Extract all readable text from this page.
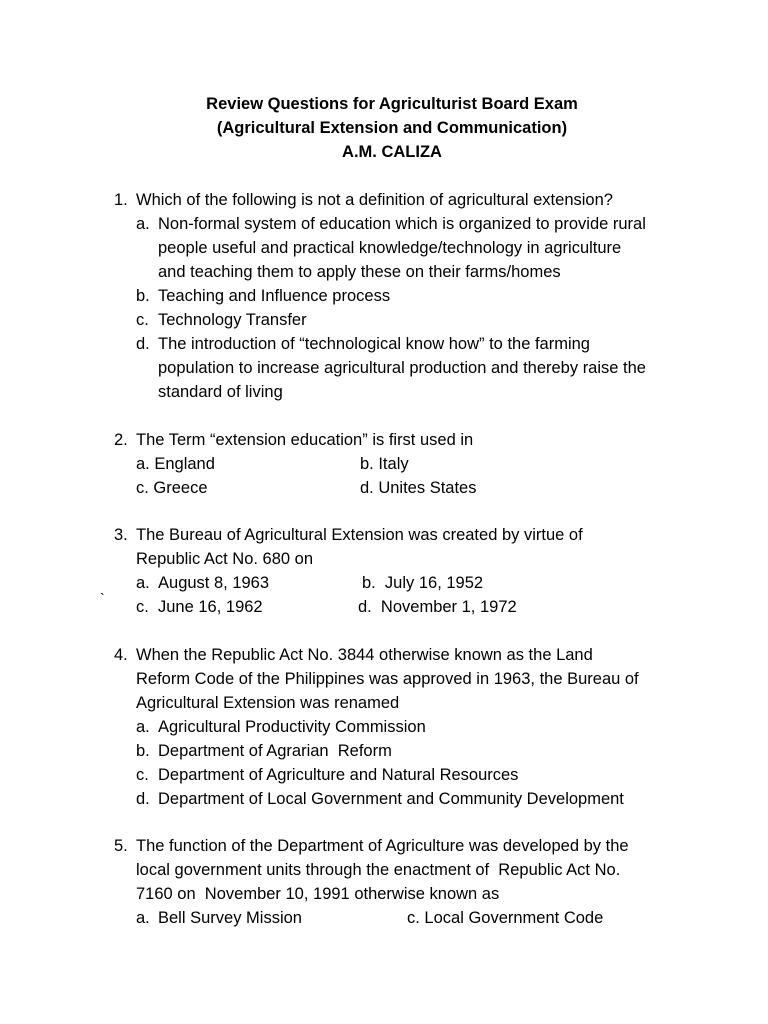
Review Questions for Agriculturist Board Exam
(Agricultural Extension and Communication)
A.M. CALIZA
1. Which of the following is not a definition of agricultural extension?
a. Non-formal system of education which is organized to provide rural
people useful and practical knowledge/technology in agriculture
and teaching them to apply these on their farms/homes
b. Teaching and Influence process
c. Technology Transfer
d. The introduction of “technological know how” to the farming
population to increase agricultural production and thereby raise the
standard of living
2. The Term “extension education” is first used in
a. England	b. Italy
c. Greece	d. Unites States
3. The Bureau of Agricultural Extension was created by virtue of
Republic Act No. 680 on
a.  August 8, 1963	b.  July 16, 1952
` c.  June 16, 1962	d.  November 1, 1972
4. When the Republic Act No. 3844 otherwise known as the Land
Reform Code of the Philippines was approved in 1963, the Bureau of
Agricultural Extension was renamed
a. Agricultural Productivity Commission
b. Department of Agrarian  Reform
c. Department of Agriculture and Natural Resources
d. Department of Local Government and Community Development
5. The function of the Department of Agriculture was developed by the
local government units through the enactment of  Republic Act No.
7160 on  November 10, 1991 otherwise known as
a. Bell Survey Mission	c. Local Government Code
